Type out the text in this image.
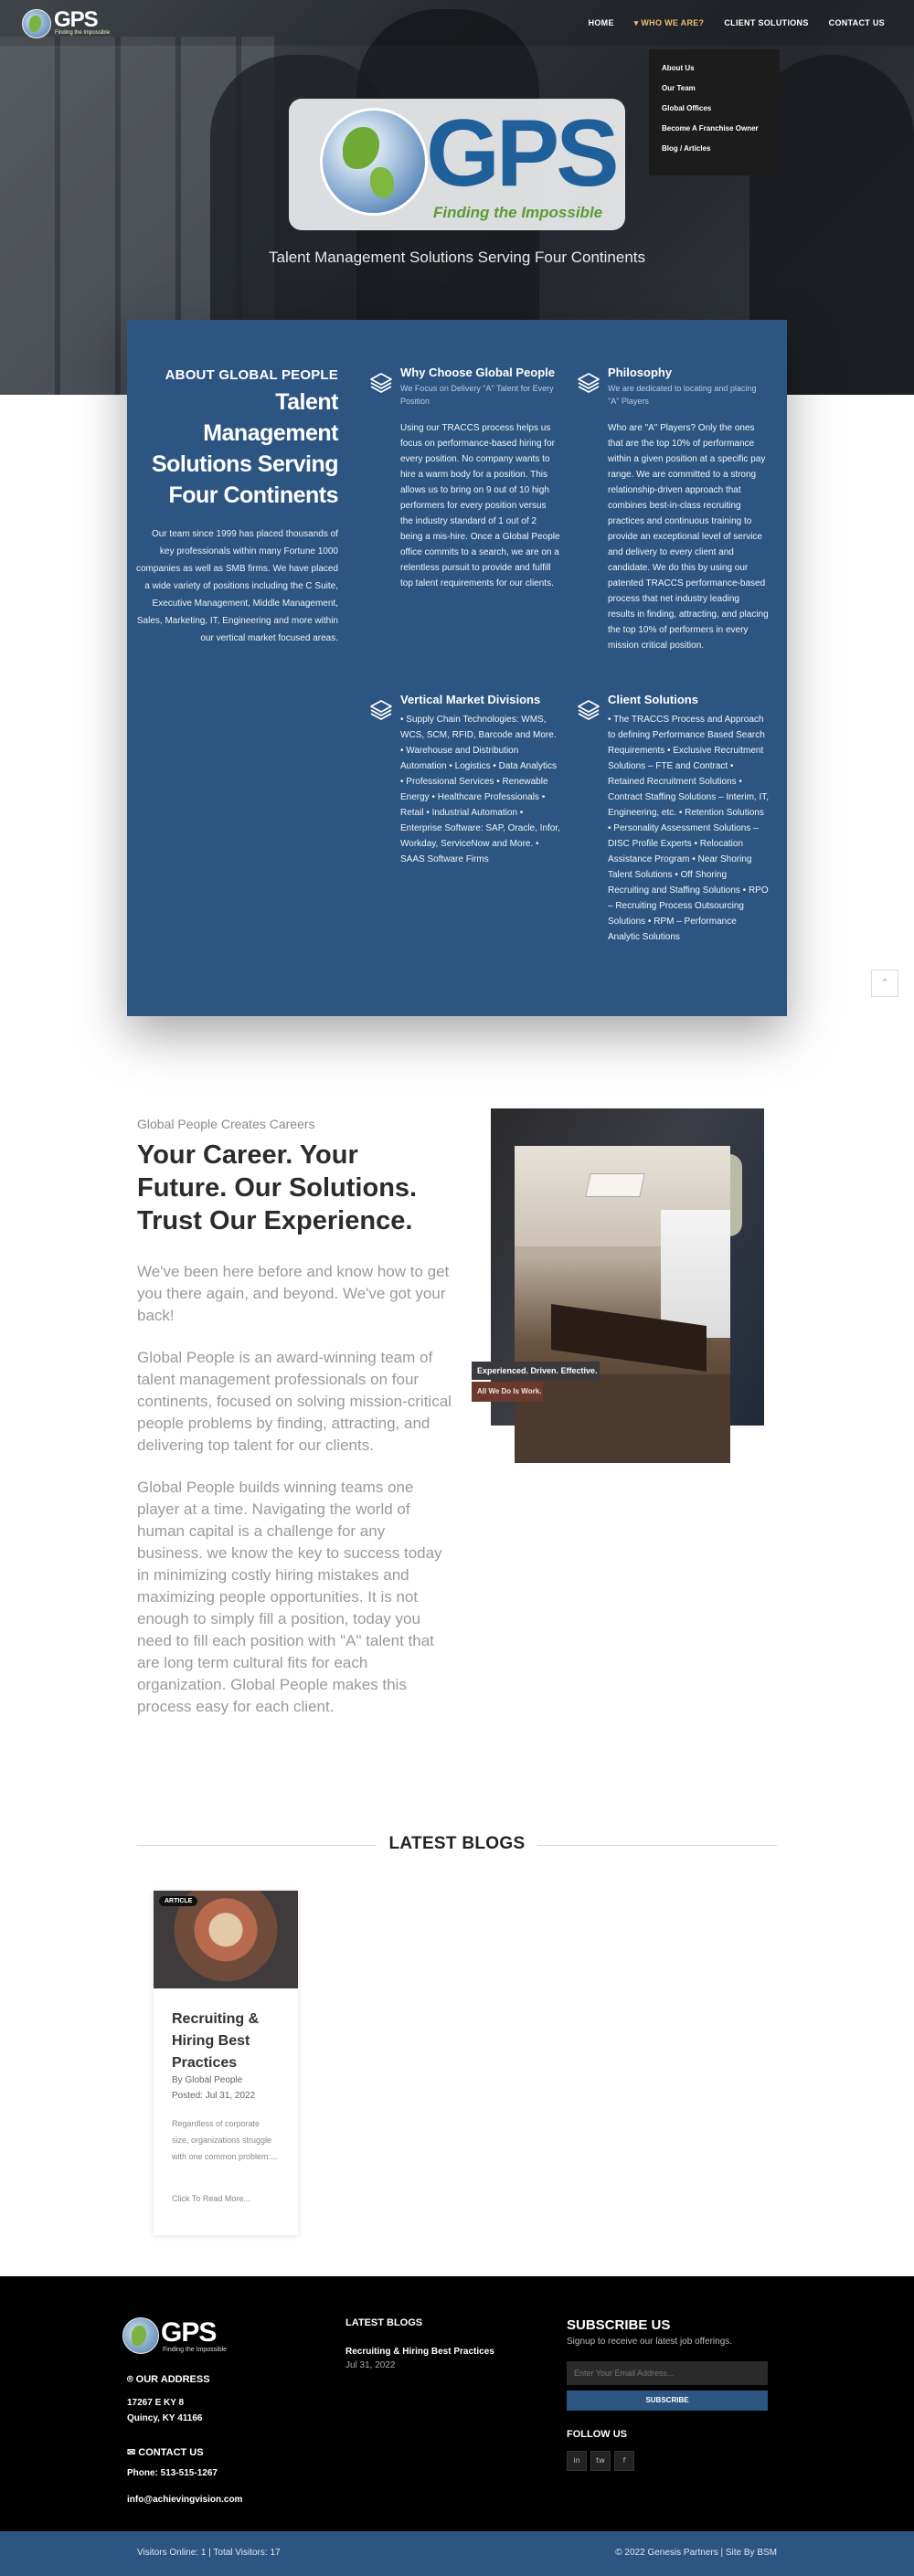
GPS
Finding the Impossible
HOME ▾ WHO WE ARE? CLIENT SOLUTIONS CONTACT US
About Us
Our Team
Global Offices
Become A Franchise Owner
Blog / Articles
GPS
Finding the Impossible
Talent Management Solutions Serving Four Continents
ABOUT GLOBAL PEOPLE
Talent Management Solutions Serving Four Continents
Our team since 1999 has placed thousands of key professionals within many Fortune 1000 companies as well as SMB firms. We have placed a wide variety of positions including the C Suite, Executive Management, Middle Management, Sales, Marketing, IT, Engineering and more within our vertical market focused areas.
Why Choose Global People
We Focus on Delivery "A" Talent for Every Position
Using our TRACCS process helps us focus on performance-based hiring for every position. No company wants to hire a warm body for a position. This allows us to bring on 9 out of 10 high performers for every position versus the industry standard of 1 out of 2 being a mis-hire. Once a Global People office commits to a search, we are on a relentless pursuit to provide and fulfill top talent requirements for our clients.
Philosophy
We are dedicated to locating and placing "A" Players
Who are "A" Players? Only the ones that are the top 10% of performance within a given position at a specific pay range. We are committed to a strong relationship-driven approach that combines best-in-class recruiting practices and continuous training to provide an exceptional level of service and delivery to every client and candidate. We do this by using our patented TRACCS performance-based process that net industry leading results in finding, attracting, and placing the top 10% of performers in every mission critical position.
Vertical Market Divisions
• Supply Chain Technologies: WMS, WCS, SCM, RFID, Barcode and More. • Warehouse and Distribution Automation • Logistics • Data Analytics • Professional Services • Renewable Energy • Healthcare Professionals • Retail • Industrial Automation • Enterprise Software: SAP, Oracle, Infor, Workday, ServiceNow and More. • SAAS Software Firms
Client Solutions
• The TRACCS Process and Approach to defining Performance Based Search Requirements • Exclusive Recruitment Solutions – FTE and Contract • Retained Recruitment Solutions • Contract Staffing Solutions – Interim, IT, Engineering, etc. • Retention Solutions • Personality Assessment Solutions – DISC Profile Experts • Relocation Assistance Program • Near Shoring Talent Solutions • Off Shoring Recruiting and Staffing Solutions • RPO – Recruiting Process Outsourcing Solutions • RPM – Performance Analytic Solutions
⌃
Global People Creates Careers
Your Career. Your Future. Our Solutions. Trust Our Experience.

We've been here before and know how to get you there again, and beyond. We've got your back!

Global People is an award-winning team of talent management professionals on four continents, focused on solving mission-critical people problems by finding, attracting, and delivering top talent for our clients.

Global People builds winning teams one player at a time. Navigating the world of human capital is a challenge for any business. we know the key to success today in minimizing costly hiring mistakes and maximizing people opportunities. It is not enough to simply fill a position, today you need to fill each position with "A" talent that are long term cultural fits for each organization. Global People makes this process easy for each client.

Experienced. Driven. Effective.
All We Do Is Work.
LATEST BLOGS
ARTICLE
Recruiting & Hiring Best Practices
By Global People
Posted: Jul 31, 2022
Regardless of corporate size, organizations struggle with one common problem:...
Click To Read More...
GPS
Finding the Impossible
⌾ OUR ADDRESS
17267 E KY 8
Quincy, KY 41166
✉ CONTACT US
Phone: 513-515-1267
info@achievingvision.com
LATEST BLOGS
Recruiting & Hiring Best Practices
Jul 31, 2022
SUBSCRIBE US
Signup to receive our latest job offerings.
Enter Your Email Address...
SUBSCRIBE
FOLLOW US
in	tw	f
Visitors Online: 1 | Total Visitors: 17	© 2022 Genesis Partners | Site By BSM
